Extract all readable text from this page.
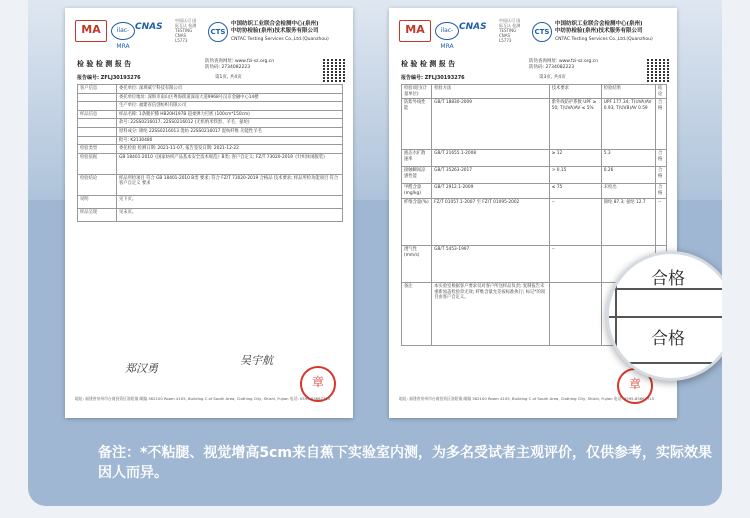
MA	ilac-MRA
CNAS
中国认可 国际互认 检测 TESTING CNAS L5773
CTS
中国纺织工业联合会检测中心(泉州)
中纺协检验(泉州)技术服务有限公司
CNTAC Testing Services Co.,Ltd.(Quanzhou)
检 验 检 测 报 告	防伪查询网址: www.fzi-sz.org.cn
防伪码: 2734082223
报告编号: ZFLJ30193276	第1页, 共4页
客户信息	委托单位: 深圳威宁科技有限公司
	委托单位地址: 深圳市南山区粤海街道深南大道9968号汉京金融中心14楼
	生产单位: 福建省信创纺织有限公司
样品信息	样品名称: 1条腿护膝 HB20H197B 超柔弹力打底 (100cm*150cm)
	款号: 22SS0216017, 22SS0216012 (无机纳米铁黑、羊毛、氨纶)
	原料成分: 锦纶 22SS0216013 混纺 22SS0216017 混纺纤维 功能性羊毛
	批号: K2130480
检验类型	委托检验 检测日期: 2021-11-07, 报告签发日期: 2021-12-22
检验依据	GB 18401-2010《国家纺织产品基本安全技术规范》B类; 客户自定义; FZ/T 73020-2019《针织休闲服装》
检验结论	样品所检项目 符合 GB 18401-2010 B类 要求; 符合 FZ/T 73020-2019 合格品 技术要求; 样品所检功能项目 符合 客户自定义 要求
说明	见下页。
样品呈现	见末页。
郑汉勇
吴宇航
章
地址: 福建省泉州市台商投资区洛阳镇 邮编 362100 Room 4105, Building C of South Area, Clothing City, Shishi, Fujian 电话: 0595-83667715
MA	ilac-MRA
CNAS
中国认可 国际互认 检测 TESTING CNAS L5773
CTS
中国纺织工业联合会检测中心(泉州)
中纺协检验(泉州)技术服务有限公司
CNTAC Testing Services Co.,Ltd.(Quanzhou)
检 验 检 测 报 告	防伪查询网址: www.fzi-sz.org.cn
防伪码: 2734082223
报告编号: ZFLJ30193276	第3页, 共4页
检验项目(计量单位)	检验方法	技术要求	检验结果	结论
防紫外线性能	GB/T 18830-2009	紫外线防护系数 UPF ≥ 50; T(UVA)AV ≤ 5%	UPF 177.34; T(UVA)AV 0.93; T(UVB)AV 0.59	合格
液态水扩散速率	GB/T 21655.1-2008	≥ 12	5.3	合格
接触瞬间凉感性能	GB/T 35263-2017	> 0.15	0.26	合格
甲醛含量(mg/kg)	GB/T 2912.1-2009	≤ 75	未检出	合格
纤维含量(%)	FZ/T 01057.1-2007 至 FZ/T 01095-2002	--	锦纶 87.3; 氨纶 12.7	--
透气性(mm/s)	GB/T 5453-1997	--		
备注	本实验室根据客户要求仅对客户所送样品负责; 复制报告未重新加盖检验章无效; 纤维含量允差按标准执行; 标记*的项目由客户自定义。			
章
地址: 福建省泉州市台商投资区洛阳镇 邮编 362100 Room 4105, Building C of South Area, Clothing City, Shishi, Fujian 电话: 0595-83667715
合格
合格
备注：*不粘腿、视觉增高5cm来自蕉下实验室内测，为多名受试者主观评价，仅供参考，实际效果因人而异。
